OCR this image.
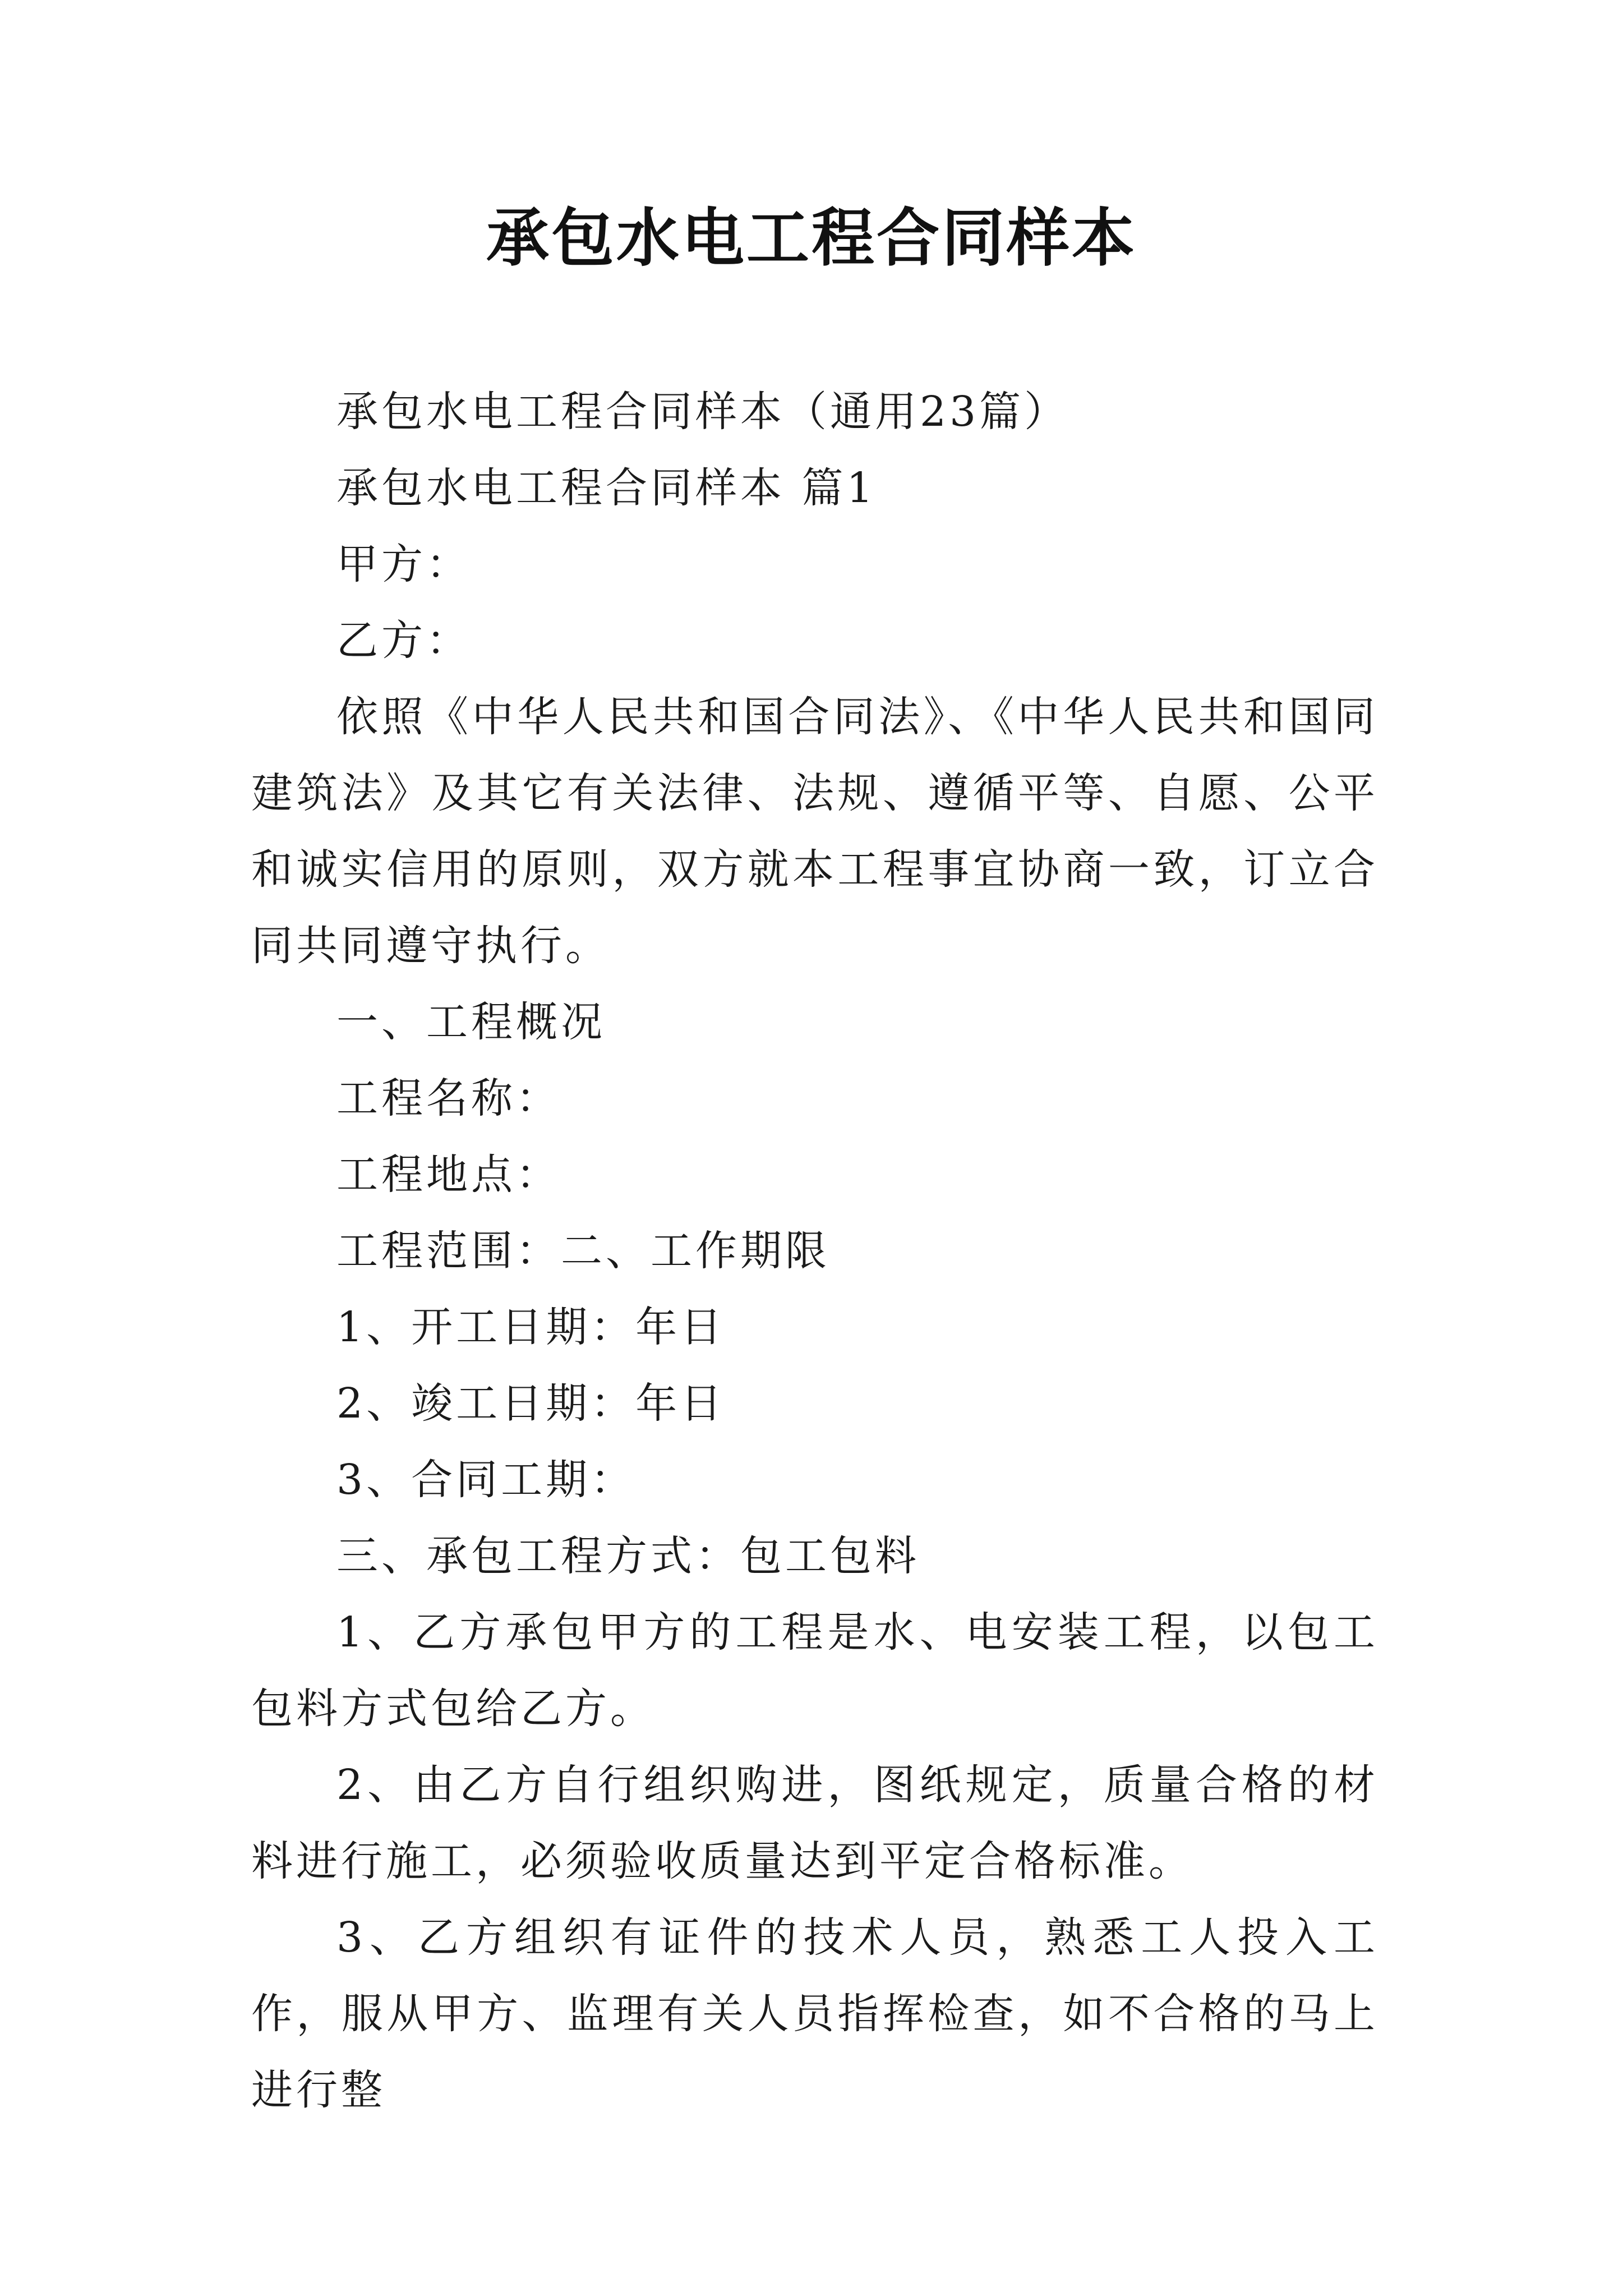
承包水电工程合同样本

承包水电工程合同样本（通用23篇）

承包水电工程合同样本 篇1

甲方：

乙方：

依照《中华人民共和国合同法》、《中华人民共和国同建筑法》及其它有关法律、法规、遵循平等、自愿、公平和诚实信用的原则，双方就本工程事宜协商一致，订立合同共同遵守执行。

一、工程概况

工程名称：

工程地点：

工程范围：二、工作期限

1、开工日期：年日

2、竣工日期：年日

3、合同工期：

三、承包工程方式：包工包料

1、乙方承包甲方的工程是水、电安装工程，以包工包料方式包给乙方。

2、由乙方自行组织购进，图纸规定，质量合格的材料进行施工，必须验收质量达到平定合格标准。

3、乙方组织有证件的技术人员，熟悉工人投入工作，服从甲方、监理有关人员指挥检查，如不合格的马上进行整
